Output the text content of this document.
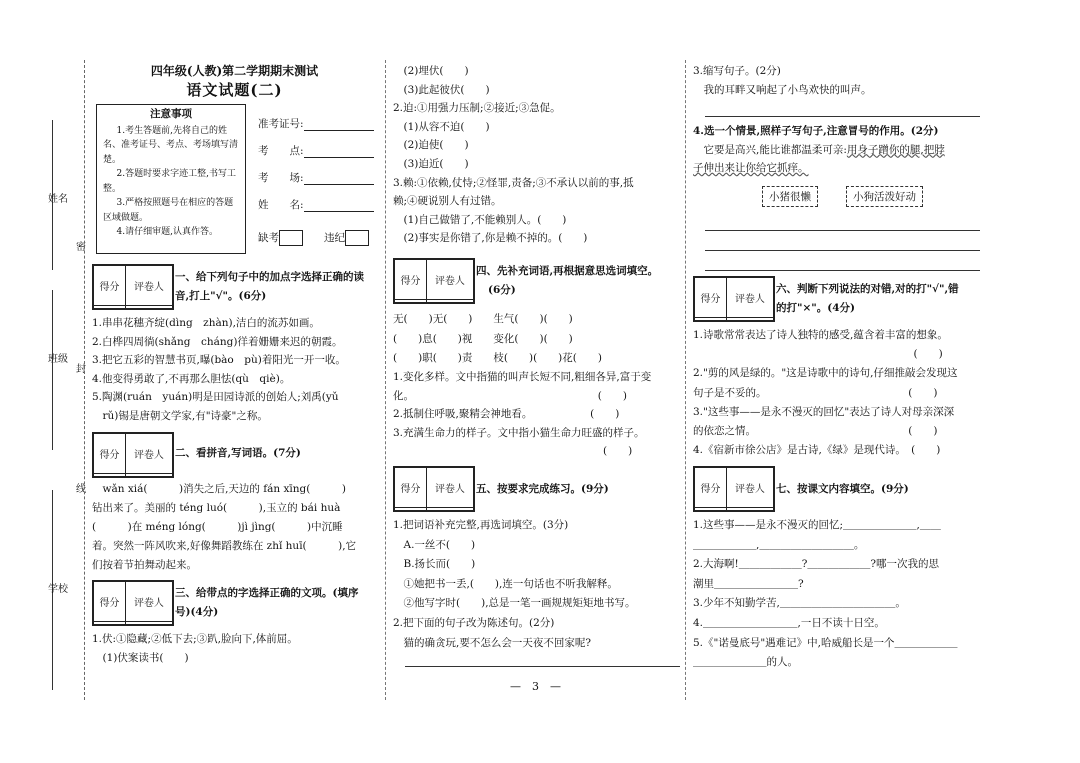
姓名
班级
学校
密
封
线

四年级(人教)第二学期期末测试

语文试题(二)

注意事项

1.考生答题前,先将自己的姓名、准考证号、考点、考场填写清楚。

2.答题时要求字迹工整,书写工整。

3.严格按照题号在相应的答题区域做题。

4.请仔细审题,认真作答。

准考证号:
考　　点:
考　　场:
姓　　名:
缺考　　	违纪
得分	评卷人

一、给下列句子中的加点字选择正确的读

音,打上"√"。(6分)

1.串串花穗齐绽(dìng　zhàn),洁白的流苏如画。

2.白桦四周徜(shǎng　cháng)徉着姗姗来迟的朝霞。

3.把它五彩的智慧书页,曝(bào　pù)着阳光一开一收。

4.他变得勇敢了,不再那么胆怯(qù　qiè)。

5.陶渊(ruán　yuán)明是田园诗派的创始人;刘禹(yǔ

　rǔ)锡是唐朝文学家,有"诗豪"之称。

得分	评卷人
	二、看拼音,写词语。(7分)

　wǎn xiá(　　　)消失之后,天边的 fán xīng(　　　)

钻出来了。美丽的 téng luó(　　　),玉立的 bái huà

(　　　)在 méng lóng(　　　)jì jìng(　　　)中沉睡

着。突然一阵风吹来,好像舞蹈教练在 zhǐ huī(　　　),它

们按着节拍舞动起来。

得分	评卷人

三、给带点的字选择正确的文项。(填序

号)(4分)

1.伏:①隐藏;②低下去;③趴,脸向下,体前屈。

　(1)伏案读书(　　)

　(2)埋伏(　　)

　(3)此起彼伏(　　)

2.迫:①用强力压制;②接近;③急促。

　(1)从容不迫(　　)

　(2)迫使(　　)

　(3)迫近(　　)

3.赖:①依赖,仗恃;②怪罪,责备;③不承认以前的事,抵

赖;④硬说别人有过错。

　(1)自己做错了,不能赖别人。(　　)

　(2)事实是你错了,你是赖不掉的。(　　)

得分	评卷人

四、先补充词语,再根据意思选词填空。

(6分)

无(　　)无(　　)　　生气(　　)(　　)

(　　)息(　　)视　　变化(　　)(　　)

(　　)职(　　)责　　枝(　　)(　　)花(　　)

1.变化多样。文中指猫的叫声长短不同,粗细各异,富于变

化。　　　　　　　　　　　　　　　　　　(　　)

2.抵制住呼吸,聚精会神地看。　　　　　　(　　)

3.充满生命力的样子。文中指小猫生命力旺盛的样子。

　　　　　　　　　　　　　　　　　　　　(　　)

得分	评卷人
	五、按要求完成练习。(9分)

1.把词语补充完整,再选词填空。(3分)

　A.一丝不(　　)

　B.扬长而(　　)

　①她把书一丢,(　　),连一句话也不听我解释。

　②他写字时(　　),总是一笔一画规规矩矩地书写。

2.把下面的句子改为陈述句。(2分)

　猫的确贪玩,要不怎么会一天夜不回家呢?

3.缩写句子。(2分)

　我的耳畔又响起了小鸟欢快的叫声。

4.选一个情景,照样子写句子,注意冒号的作用。(2分)

　它要是高兴,能比谁都温柔可亲:用身子蹭你的腿,把脖

子伸出来让你给它抓痒。

小猪很懒	小狗活泼好动
得分	评卷人

六、判断下列说法的对错,对的打"√",错

的打"×"。(4分)

1.诗歌常常表达了诗人独特的感受,蕴含着丰富的想象。

　　　　　　　　　　　　　　　　　　　　　(　　)

2."剪的风是绿的。"这是诗歌中的诗句,仔细推敲会发现这

句子是不妥的。　　　　　　　　　　　　　　(　　)

3."这些事——是永不漫灭的回忆"表达了诗人对母亲深深

的依恋之情。　　　　　　　　　　　　　　　(　　)

4.《宿新市徐公店》是古诗,《绿》是现代诗。　(　　)

得分	评卷人
	七、按课文内容填空。(9分)

1.这些事——是永不漫灭的回忆;＿＿＿＿＿＿＿,＿＿

＿＿＿＿＿＿,＿＿＿＿＿＿＿＿＿。

2.大海啊!＿＿＿＿＿＿?＿＿＿＿＿＿?哪一次我的思

潮里＿＿＿＿＿＿＿＿?

3.少年不知勤学苦,＿＿＿＿＿＿＿＿＿＿＿。

4.＿＿＿＿＿＿＿＿＿,一日不读十日空。

5.《"诺曼底号"遇难记》中,哈威船长是一个＿＿＿＿＿＿

＿＿＿＿＿＿＿的人。

—　3　—
